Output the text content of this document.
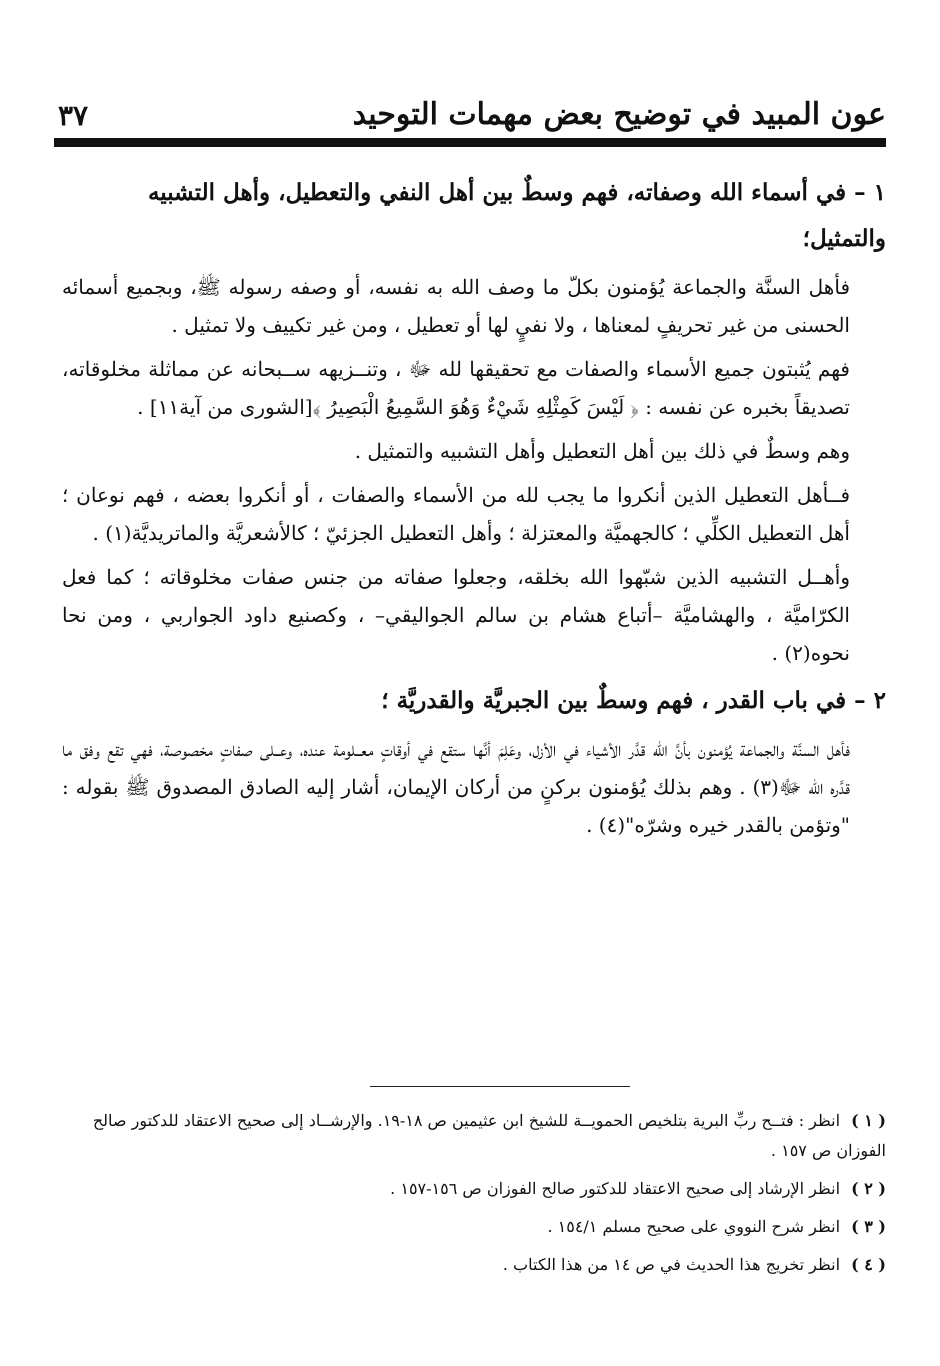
عون المبيد في توضيح بعض مهمات التوحيد
٣٧
١ – في أسماء الله وصفاته، فهم وسطٌ بين أهل النفي والتعطيل، وأهل التشبيه والتمثيل؛

فأهل السنَّة والجماعة يُؤمنون بكلّ ما وصف الله به نفسه، أو وصفه رسوله ﷺ، وبجميع أسمائه الحسنى من غير تحريفٍ لمعناها ، ولا نفيٍ لها أو تعطيل ، ومن غير تكييف ولا تمثيل .

فهم يُثبتون جميع الأسماء والصفات مع تحقيقها لله ﷻ ، وتنــزيهه ســبحانه عن مماثلة مخلوقاته، تصديقاً بخبره عن نفسه : ﴿ لَيْسَ كَمِثْلِهِ شَيْءٌ وَهُوَ السَّمِيعُ الْبَصِيرُ ﴾[الشورى من آية١١] .

وهم وسطٌ في ذلك بين أهل التعطيل وأهل التشبيه والتمثيل .

فــأهل التعطيل الذين أنكروا ما يجب لله من الأسماء والصفات ، أو أنكروا بعضه ، فهم نوعان ؛ أهل التعطيل الكلِّي ؛ كالجهميَّة والمعتزلة ؛ وأهل التعطيل الجزئيّ ؛ كالأشعريَّة والماتريديَّة(١) .

وأهــل التشبيه الذين شبّهوا الله بخلقه، وجعلوا صفاته من جنس صفات مخلوقاته ؛ كما فعل الكرّاميَّة ، والهشاميَّة –أتباع هشام بن سالم الجواليقي– ، وكصنيع داود الجواربي ، ومن نحا نحوه(٢) .

٢ – في باب القدر ، فهم وسطٌ بين الجبريَّة والقدريَّة ؛

فأهل السنَّة والجماعة يُؤمنون بأنَّ الله قدَّر الأشياء في الأزل، وعَلِمَ أنَّها ستقع في أوقاتٍ معــلومة عنده، وعــلى صفاتٍ مخصوصة، فهي تقع وفق ما قدَّره الله ﷻ(٣) . وهم بذلك يُؤمنون بركنٍ من أركان الإيمان، أشار إليه الصادق المصدوق ﷺ بقوله : "وتؤمن بالقدر خيره وشرّه"(٤) .

( ١ ) انظر : فتــح ربِّ البرية بتلخيص الحمويــة للشيخ ابن عثيمين ص ١٨-١٩. والإرشــاد إلى صحيح الاعتقاد للدكتور صالح الفوزان ص ١٥٧ .

( ٢ ) انظر الإرشاد إلى صحيح الاعتقاد للدكتور صالح الفوزان ص ١٥٦-١٥٧ .

( ٣ ) انظر شرح النووي على صحيح مسلم ١٥٤/١ .

( ٤ ) انظر تخريج هذا الحديث في ص ١٤ من هذا الكتاب .
